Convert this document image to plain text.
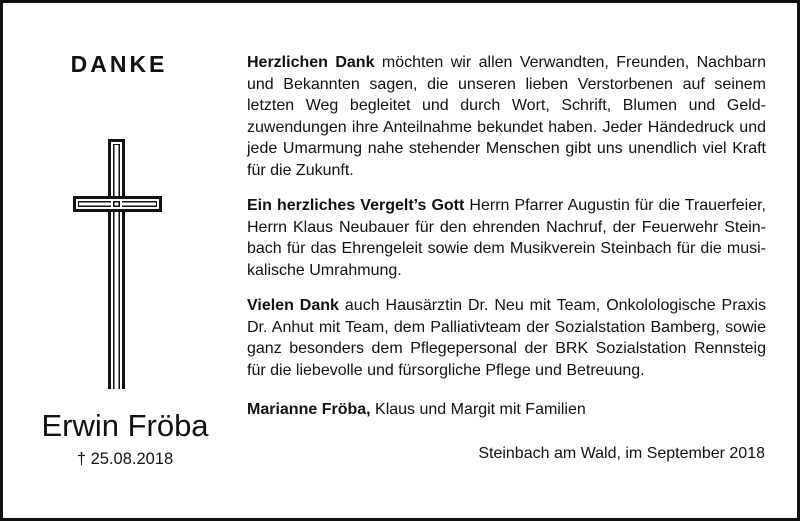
DANKE
Erwin Fröba
† 25.08.2018

Herzlichen Dank möchten wir allen Verwandten, Freunden, Nachbarn und Bekannten sagen, die unseren lieben Verstorbenen auf seinem letzten Weg begleitet und durch Wort, Schrift, Blumen und Geld-zuwendungen ihre Anteilnahme bekundet haben. Jeder Händedruck und jede Umarmung nahe stehender Menschen gibt uns unendlich viel Kraft für die Zukunft.

Ein herzliches Vergelt’s Gott Herrn Pfarrer Augustin für die Trauerfeier, Herrn Klaus Neubauer für den ehrenden Nachruf, der Feuerwehr Stein-bach für das Ehrengeleit sowie dem Musikverein Steinbach für die musi-kalische Umrahmung.

Vielen Dank auch Hausärztin Dr. Neu mit Team, Onkolologische Praxis Dr. Anhut mit Team, dem Palliativteam der Sozialstation Bamberg, sowie ganz besonders dem Pflegepersonal der BRK Sozialstation Rennsteig für die liebevolle und fürsorgliche Pflege und Betreuung.

Marianne Fröba, Klaus und Margit mit Familien

Steinbach am Wald, im September 2018
